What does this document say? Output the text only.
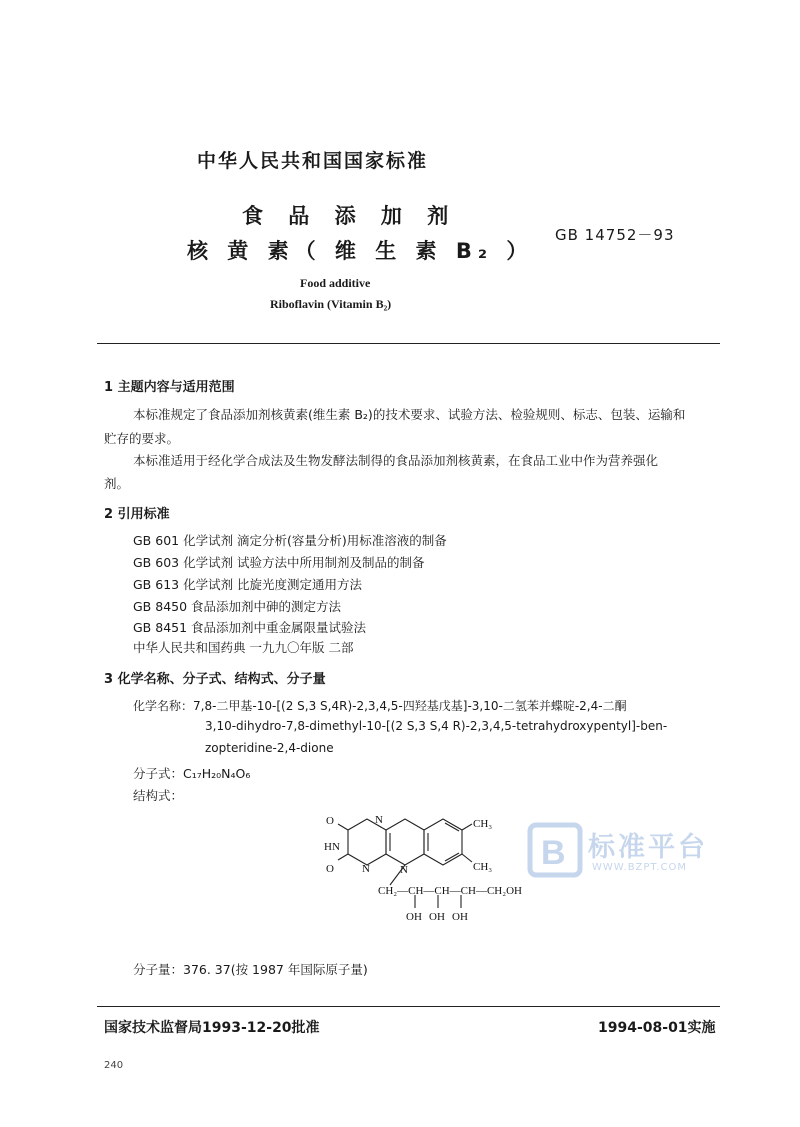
中华人民共和国国家标准
食 品 添 加 剂
核 黄 素（ 维 生 素 B₂ ）
GB 14752－93
Food additive
Riboflavin (Vitamin B₂)
1 主题内容与适用范围
本标准规定了食品添加剂核黄素(维生素 B₂)的技术要求、试验方法、检验规则、标志、包装、运输和
贮存的要求。
本标准适用于经化学合成法及生物发酵法制得的食品添加剂核黄素，在食品工业中作为营养强化
剂。
2 引用标准
GB 601 化学试剂 滴定分析(容量分析)用标准溶液的制备
GB 603 化学试剂 试验方法中所用制剂及制品的制备
GB 613 化学试剂 比旋光度测定通用方法
GB 8450 食品添加剂中砷的测定方法
GB 8451 食品添加剂中重金属限量试验法
中华人民共和国药典 一九九〇年版 二部
3 化学名称、分子式、结构式、分子量
化学名称：7,8-二甲基-10-[(2 S,3 S,4R)-2,3,4,5-四羟基戊基]-3,10-二氢苯并蝶啶-2,4-二酮
3,10-dihydro-7,8-dimethyl-10-[(2 S,3 S,4 R)-2,3,4,5-tetrahydroxypentyl]-ben-
zopteridine-2,4-dione
分子式：C₁₇H₂₀N₄O₆
结构式：
O
HN
O
N
N	N
CH₃
CH₃
CH₂—CH—CH—CH—CH₂OH
OH OH OH
B 标准平台
WWW.BZPT.COM
分子量：376. 37(按 1987 年国际原子量)
国家技术监督局1993-12-20批准	1994-08-01实施
240
